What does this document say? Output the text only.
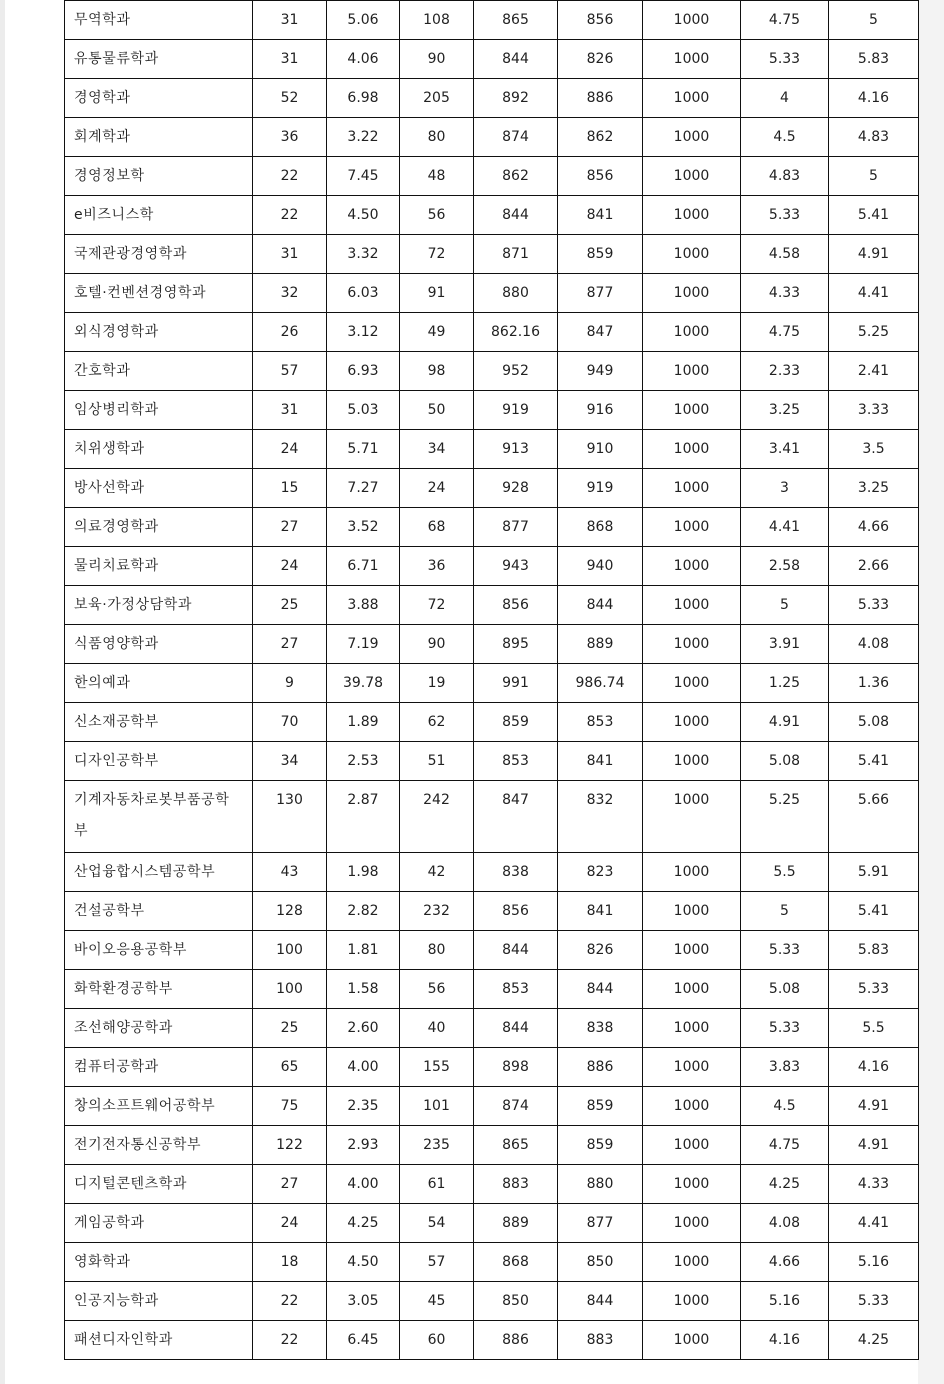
무역학과	31	5.06	108	865	856	1000	4.75	5
유통물류학과	31	4.06	90	844	826	1000	5.33	5.83
경영학과	52	6.98	205	892	886	1000	4	4.16
회계학과	36	3.22	80	874	862	1000	4.5	4.83
경영정보학	22	7.45	48	862	856	1000	4.83	5
e비즈니스학	22	4.50	56	844	841	1000	5.33	5.41
국제관광경영학과	31	3.32	72	871	859	1000	4.58	4.91
호텔·컨벤션경영학과	32	6.03	91	880	877	1000	4.33	4.41
외식경영학과	26	3.12	49	862.16	847	1000	4.75	5.25
간호학과	57	6.93	98	952	949	1000	2.33	2.41
임상병리학과	31	5.03	50	919	916	1000	3.25	3.33
치위생학과	24	5.71	34	913	910	1000	3.41	3.5
방사선학과	15	7.27	24	928	919	1000	3	3.25
의료경영학과	27	3.52	68	877	868	1000	4.41	4.66
물리치료학과	24	6.71	36	943	940	1000	2.58	2.66
보육·가정상담학과	25	3.88	72	856	844	1000	5	5.33
식품영양학과	27	7.19	90	895	889	1000	3.91	4.08
한의예과	9	39.78	19	991	986.74	1000	1.25	1.36
신소재공학부	70	1.89	62	859	853	1000	4.91	5.08
디자인공학부	34	2.53	51	853	841	1000	5.08	5.41
기계자동차로봇부품공학부	130	2.87	242	847	832	1000	5.25	5.66
산업융합시스템공학부	43	1.98	42	838	823	1000	5.5	5.91
건설공학부	128	2.82	232	856	841	1000	5	5.41
바이오응용공학부	100	1.81	80	844	826	1000	5.33	5.83
화학환경공학부	100	1.58	56	853	844	1000	5.08	5.33
조선해양공학과	25	2.60	40	844	838	1000	5.33	5.5
컴퓨터공학과	65	4.00	155	898	886	1000	3.83	4.16
창의소프트웨어공학부	75	2.35	101	874	859	1000	4.5	4.91
전기전자통신공학부	122	2.93	235	865	859	1000	4.75	4.91
디지털콘텐츠학과	27	4.00	61	883	880	1000	4.25	4.33
게임공학과	24	4.25	54	889	877	1000	4.08	4.41
영화학과	18	4.50	57	868	850	1000	4.66	5.16
인공지능학과	22	3.05	45	850	844	1000	5.16	5.33
패션디자인학과	22	6.45	60	886	883	1000	4.16	4.25
